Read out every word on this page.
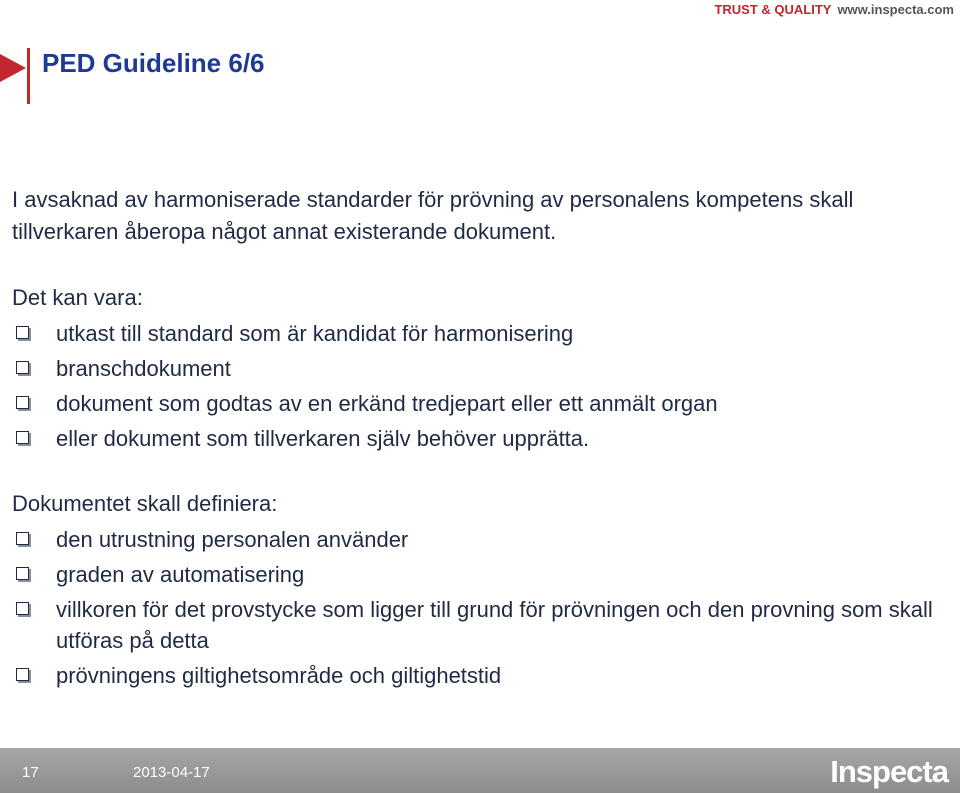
TRUST & QUALITY www.inspecta.com
PED Guideline 6/6

I avsaknad av harmoniserade standarder för prövning av personalens kompetens skall tillverkaren åberopa något annat existerande dokument.

Det kan vara:

utkast till standard som är kandidat för harmonisering
branschdokument
dokument som godtas av en erkänd tredjepart eller ett anmält organ
eller dokument som tillverkaren själv behöver upprätta.

Dokumentet skall definiera:

den utrustning personalen använder
graden av automatisering
villkoren för det provstycke som ligger till grund för prövningen och den provning som skall utföras på detta
prövningens giltighetsområde och giltighetstid
17	2013-04-17	Inspecta
